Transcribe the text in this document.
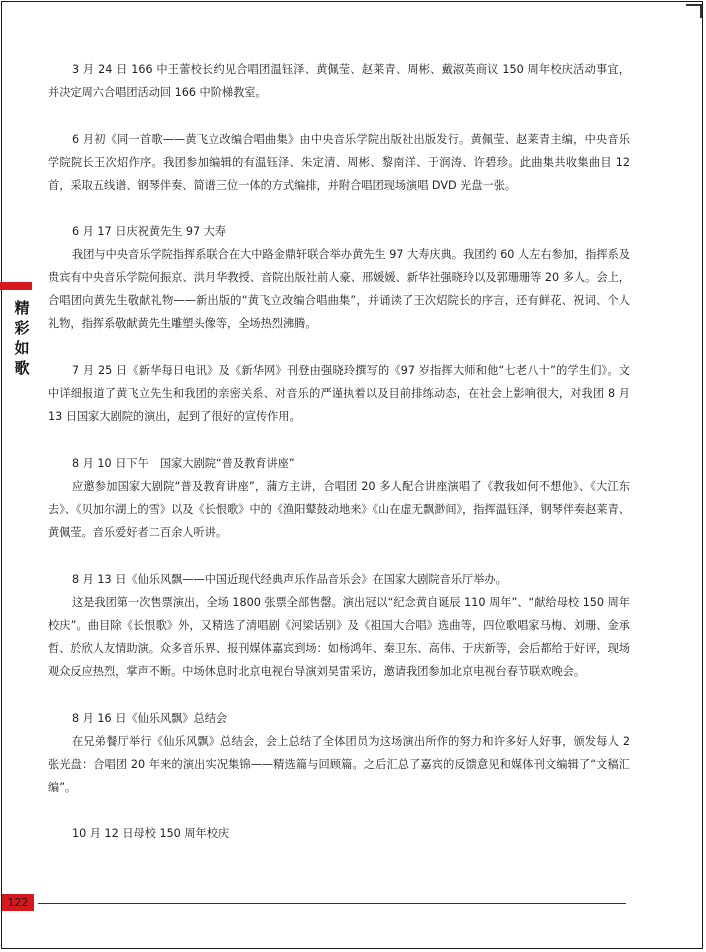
精
彩
如
歌

3 月 24 日 166 中王蕾校长约见合唱团温钰泽、黄佩莹、赵莱青、周彬、戴淑英商议 150 周年校庆活动事宜，并决定周六合唱团活动回 166 中阶梯教室。

6 月初《同一首歌——黄飞立改编合唱曲集》由中央音乐学院出版社出版发行。黄佩莹、赵莱青主编，中央音乐学院院长王次炤作序。我团参加编辑的有温钰泽、朱定清、周彬、黎南洋、于润涛、许碧珍。此曲集共收集曲目 12 首，采取五线谱、钢琴伴奏、简谱三位一体的方式编排，并附合唱团现场演唱 DVD 光盘一张。

6 月 17 日庆祝黄先生 97 大寿

我团与中央音乐学院指挥系联合在大中路金鼎轩联合举办黄先生 97 大寿庆典。我团约 60 人左右参加，指挥系及贵宾有中央音乐学院何振京、洪月华教授、音院出版社前人豪、邢媛媛、新华社强晓玲以及郭珊珊等 20 多人。会上，合唱团向黄先生敬献礼物——新出版的“黄飞立改编合唱曲集”，并诵读了王次炤院长的序言，还有鲜花、祝词、个人礼物，指挥系敬献黄先生雕塑头像等，全场热烈沸腾。

7 月 25 日《新华每日电讯》及《新华网》刊登由强晓玲撰写的《97 岁指挥大师和他“七老八十”的学生们》。文中详细报道了黄飞立先生和我团的亲密关系、对音乐的严谨执着以及目前排练动态，在社会上影响很大，对我团 8 月 13 日国家大剧院的演出，起到了很好的宣传作用。

8 月 10 日下午　国家大剧院“普及教育讲座”

应邀参加国家大剧院“普及教育讲座”，蒲方主讲，合唱团 20 多人配合讲座演唱了《教我如何不想他》、《大江东去》、《贝加尔湖上的雪》以及《长恨歌》中的《渔阳鼙鼓动地来》《山在虚无飘渺间》，指挥温钰泽，钢琴伴奏赵莱青、黄佩莹。音乐爱好者二百余人听讲。

8 月 13 日《仙乐风飘——中国近现代经典声乐作品音乐会》在国家大剧院音乐厅举办。

这是我团第一次售票演出，全场 1800 张票全部售罄。演出冠以“纪念黄自诞辰 110 周年”、“献给母校 150 周年校庆”。曲目除《长恨歌》外，又精选了清唱剧《河梁话别》及《祖国大合唱》选曲等，四位歌唱家马梅、刘珊、金承哲、於欣人友情助演。众多音乐界、报刊媒体嘉宾到场：如杨鸿年、秦卫东、高伟、于庆新等，会后都给于好评，现场观众反应热烈，掌声不断。中场休息时北京电视台导演刘昊雷采访，邀请我团参加北京电视台春节联欢晚会。

8 月 16 日《仙乐风飘》总结会

在兄弟餐厅举行《仙乐风飘》总结会，会上总结了全体团员为这场演出所作的努力和许多好人好事，颁发每人 2 张光盘：合唱团 20 年来的演出实况集锦——精选篇与回顾篇。之后汇总了嘉宾的反馈意见和媒体刊文编辑了“文稿汇编”。

10 月 12 日母校 150 周年校庆

122
